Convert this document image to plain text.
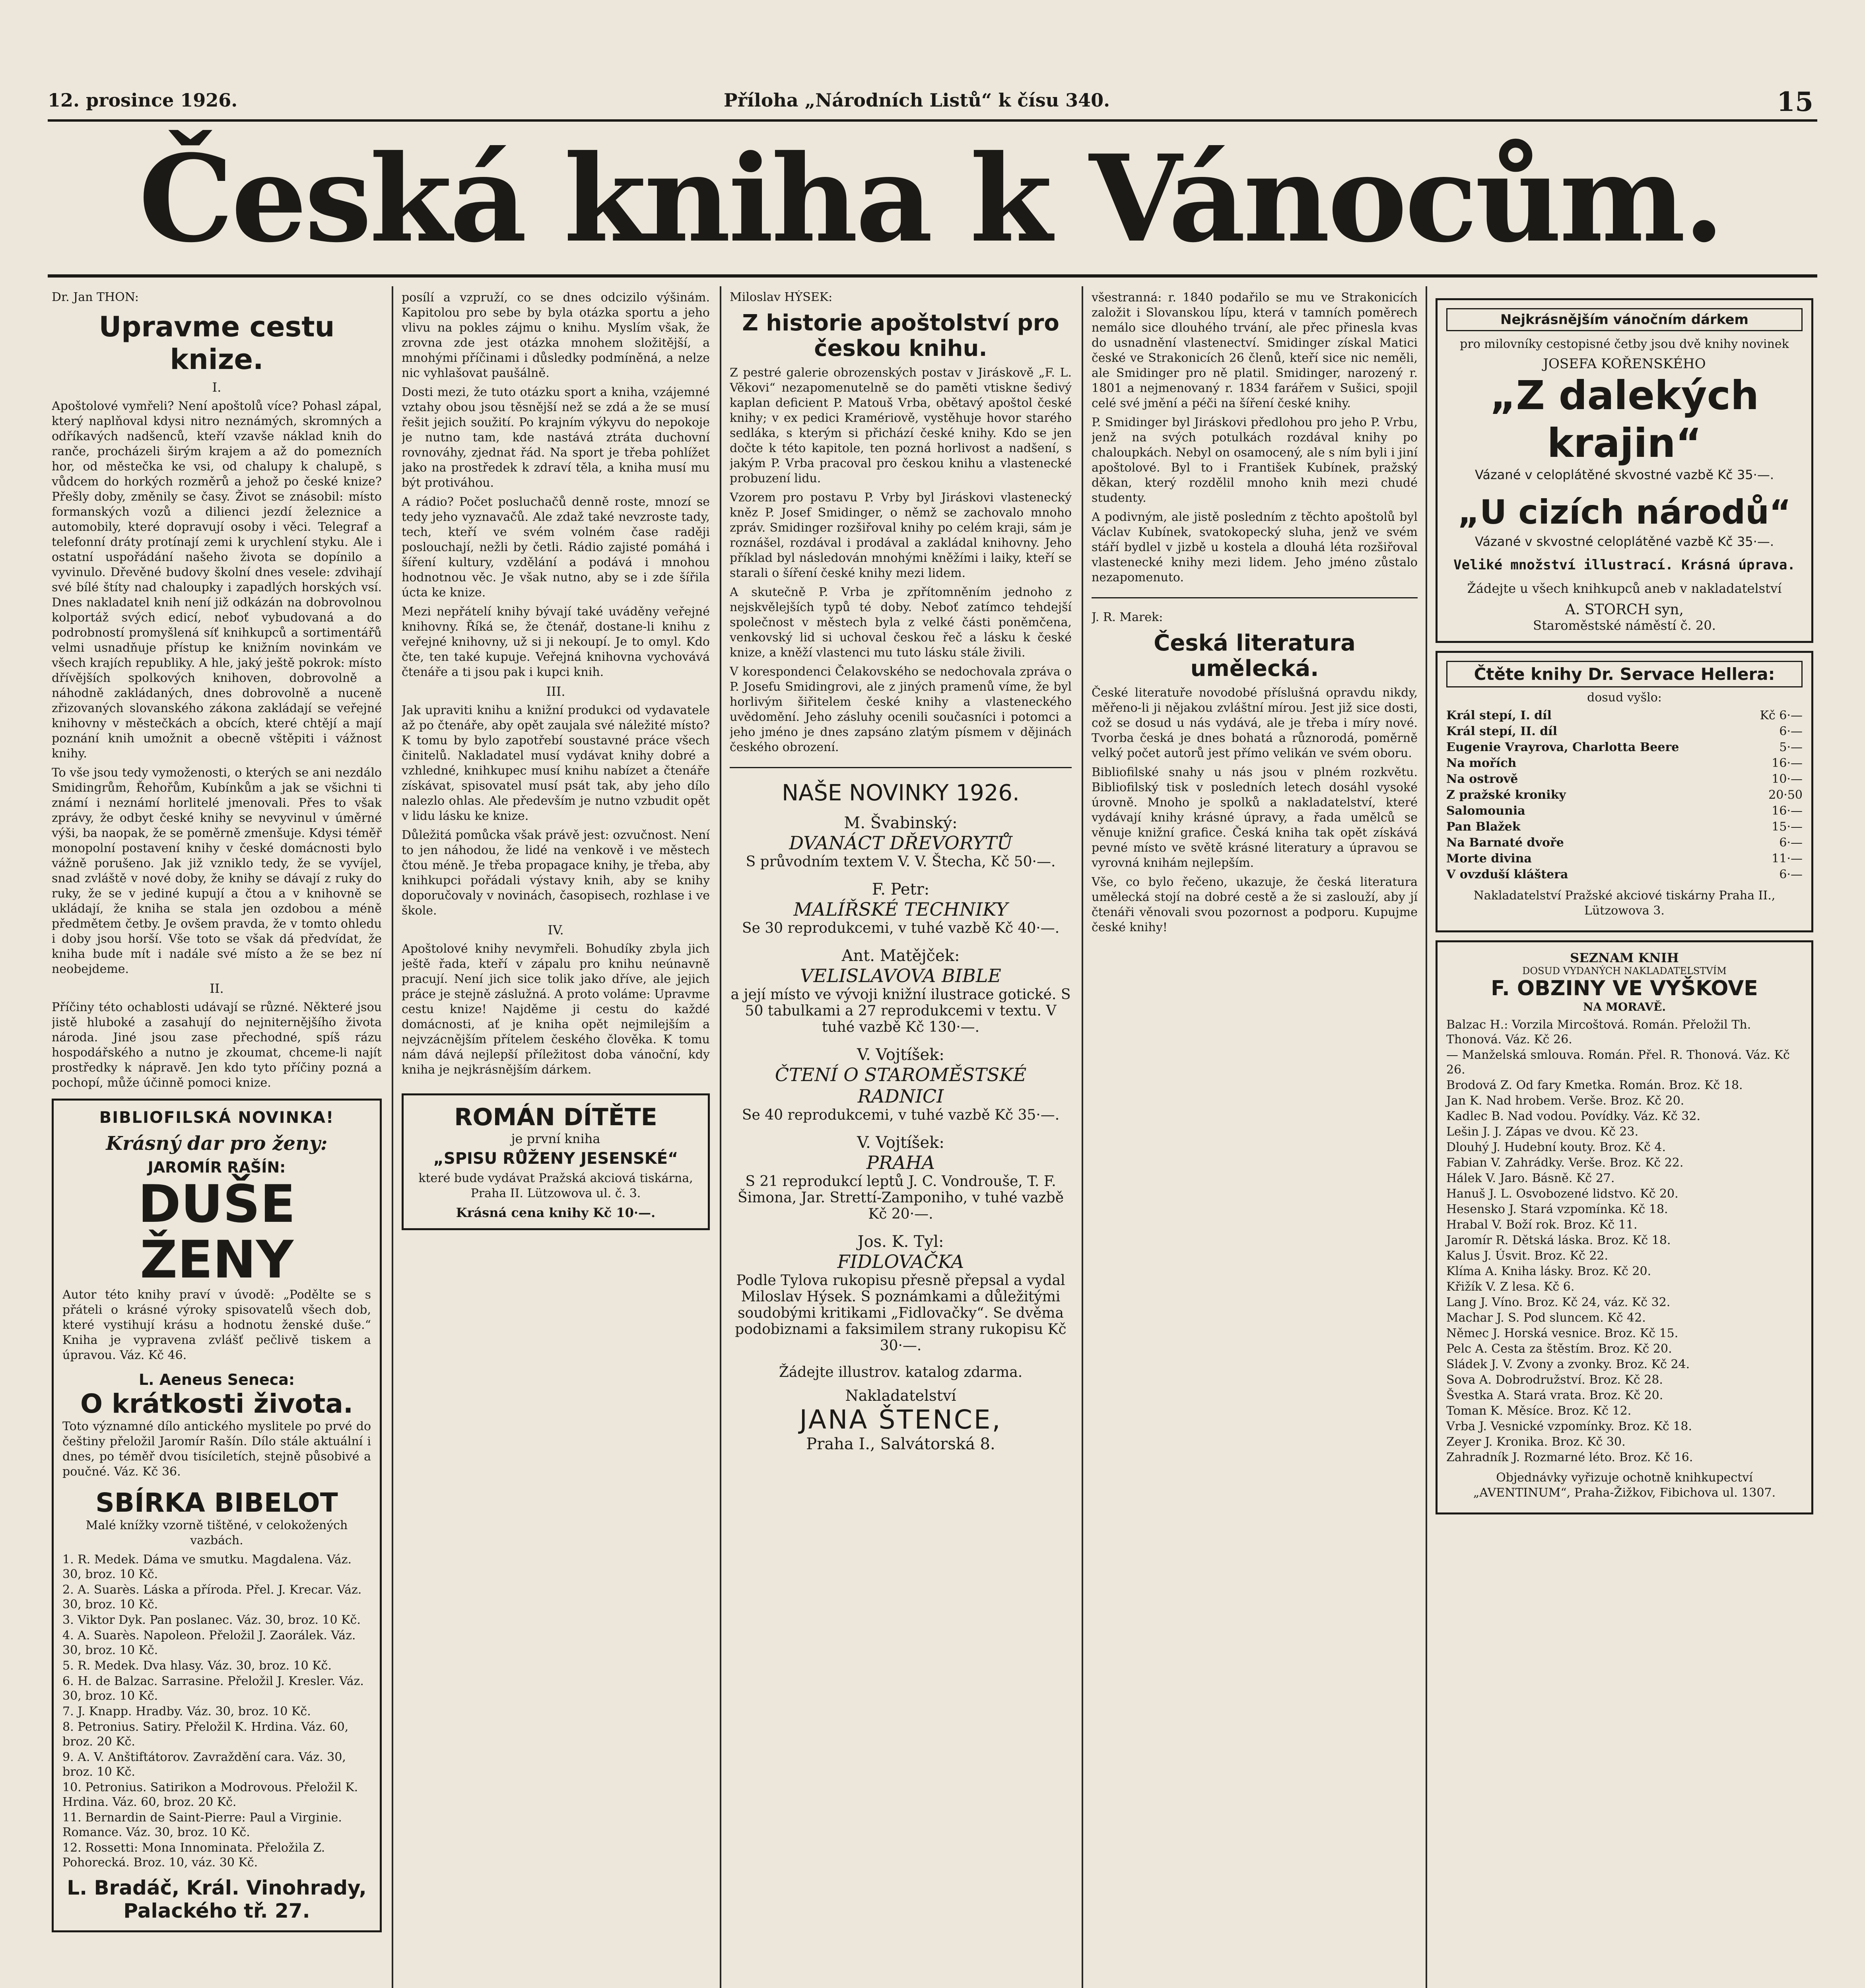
12. prosince 1926.	Příloha „Národních Listů“ k čísu 340.	15
Česká kniha k Vánocům.

Dr. Jan THON:

Upravme cestu knize.

I.

Apoštolové vymřeli? Není apoštolů více? Pohasl zápal, který naplňoval kdysi nitro neznámých, skromných a odříkavých nadšenců, kteří vzavše náklad knih do ranče, procházeli širým krajem a až do pomezních hor, od městečka ke vsi, od chalupy k chalupě, s vůdcem do horkých rozměrů a jehož po české knize? Přešly doby, změnily se časy. Život se znásobil: místo formanských vozů a dilienci jezdí železnice a automobily, které dopravují osoby i věci. Telegraf a telefonní dráty protínají zemi k urychlení styku. Ale i ostatní uspořádání našeho života se dopínilo a vyvinulo. Dřevěné budovy školní dnes vesele: zdvihají své bílé štíty nad chaloupky i zapadlých horských vsí. Dnes nakladatel knih není již odkázán na dobrovolnou kolportáž svých edicí, neboť vybudovaná a do podrobností promyšlená síť knihkupců a sortimentářů velmi usnadňuje přístup ke knižním novinkám ve všech krajích republiky. A hle, jaký ještě pokrok: místo dřívějších spolkových knihoven, dobrovolně a náhodně zakládaných, dnes dobrovolně a nuceně zřizovaných slovanského zákona zakládají se veřejné knihovny v městečkách a obcích, které chtějí a mají poznání knih umožnit a obecně vštěpiti i vážnost knihy.

To vše jsou tedy vymoženosti, o kterých se ani nezdálo Smidingrům, Řehořům, Kubínkům a jak se všichni ti známí i neznámí horlitelé jmenovali. Přes to však zprávy, že odbyt české knihy se nevyvinul v úměrné výši, ba naopak, že se poměrně zmenšuje. Kdysi téměř monopolní postavení knihy v české domácnosti bylo vážně porušeno. Jak již vzniklo tedy, že se vyvíjel, snad zvláště v nové doby, že knihy se dávají z ruky do ruky, že se v jediné kupují a čtou a v knihovně se ukládají, že kniha se stala jen ozdobou a méně předmětem četby. Je ovšem pravda, že v tomto ohledu i doby jsou horší. Vše toto se však dá předvídat, že kniha bude mít i nadále své místo a že se bez ní neobejdeme.

II.

Příčiny této ochablosti udávají se různé. Některé jsou jistě hluboké a zasahují do nejniternějšího života národa. Jiné jsou zase přechodné, spíš rázu hospodářského a nutno je zkoumat, chceme-li najít prostředky k nápravě. Jen kdo tyto příčiny pozná a pochopí, může účinně pomoci knize.

BIBLIOFILSKÁ NOVINKA!
Krásný dar pro ženy:
JAROMÍR RAŠÍN:
DUŠE ŽENY

Autor této knihy praví v úvodě: „Podělte se s přáteli o krásné výroky spisovatelů všech dob, které vystihují krásu a hodnotu ženské duše.“ Kniha je vypravena zvlášť pečlivě tiskem a úpravou. Váz. Kč 46.

L. Aeneus Seneca:
O krátkosti života.

Toto významné dílo antického myslitele po prvé do češtiny přeložil Jaromír Rašín. Dílo stále aktuální i dnes, po téměř dvou tisíciletích, stejně působivé a poučné. Váz. Kč 36.

SBÍRKA BIBELOT

Malé knížky vzorně tištěné, v celokožených vazbách.

1. R. Medek. Dáma ve smutku. Magdalena. Váz. 30, broz. 10 Kč.

2. A. Suarès. Láska a příroda. Přel. J. Krecar. Váz. 30, broz. 10 Kč.

3. Viktor Dyk. Pan poslanec. Váz. 30, broz. 10 Kč.

4. A. Suarès. Napoleon. Přeložil J. Zaorálek. Váz. 30, broz. 10 Kč.

5. R. Medek. Dva hlasy. Váz. 30, broz. 10 Kč.

6. H. de Balzac. Sarrasine. Přeložil J. Kresler. Váz. 30, broz. 10 Kč.

7. J. Knapp. Hradby. Váz. 30, broz. 10 Kč.

8. Petronius. Satiry. Přeložil K. Hrdina. Váz. 60, broz. 20 Kč.

9. A. V. Anštiftátorov. Zavraždění cara. Váz. 30, broz. 10 Kč.

10. Petronius. Satirikon a Modrovous. Přeložil K. Hrdina. Váz. 60, broz. 20 Kč.

11. Bernardin de Saint-Pierre: Paul a Virginie. Romance. Váz. 30, broz. 10 Kč.

12. Rossetti: Mona Innominata. Přeložila Z. Pohorecká. Broz. 10, váz. 30 Kč.

L. Bradáč, Král. Vinohrady, Palackého tř. 27.

posílí a vzpruží, co se dnes odcizilo výšinám. Kapitolou pro sebe by byla otázka sportu a jeho vlivu na pokles zájmu o knihu. Myslím však, že zrovna zde jest otázka mnohem složitější, a mnohými příčinami i důsledky podmíněná, a nelze nic vyhlašovat paušálně.

Dosti mezi, že tuto otázku sport a kniha, vzájemné vztahy obou jsou těsnější než se zdá a že se musí řešit jejich soužití. Po krajním výkyvu do nepokoje je nutno tam, kde nastává ztráta duchovní rovnováhy, zjednat řád. Na sport je třeba pohlížet jako na prostředek k zdraví těla, a kniha musí mu být protiváhou.

A rádio? Počet posluchačů denně roste, mnozí se tedy jeho vyznavačů. Ale zdaž také nevzroste tady, tech, kteří ve svém volném čase raději poslouchají, nežli by četli. Rádio zajisté pomáhá i šíření kultury, vzdělání a podává i mnohou hodnotnou věc. Je však nutno, aby se i zde šířila úcta ke knize.

Mezi nepřátelí knihy bývají také uváděny veřejné knihovny. Říká se, že čtenář, dostane-li knihu z veřejné knihovny, už si ji nekoupí. Je to omyl. Kdo čte, ten také kupuje. Veřejná knihovna vychovává čtenáře a ti jsou pak i kupci knih.

III.

Jak upraviti knihu a knižní produkci od vydavatele až po čtenáře, aby opět zaujala své náležité místo? K tomu by bylo zapotřebí soustavné práce všech činitelů. Nakladatel musí vydávat knihy dobré a vzhledné, knihkupec musí knihu nabízet a čtenáře získávat, spisovatel musí psát tak, aby jeho dílo nalezlo ohlas. Ale především je nutno vzbudit opět v lidu lásku ke knize.

Důležitá pomůcka však právě jest: ozvučnost. Není to jen náhodou, že lidé na venkově i ve městech čtou méně. Je třeba propagace knihy, je třeba, aby knihkupci pořádali výstavy knih, aby se knihy doporučovaly v novinách, časopisech, rozhlase i ve škole.

IV.

Apoštolové knihy nevymřeli. Bohudíky zbyla jich ještě řada, kteří v zápalu pro knihu neúnavně pracují. Není jich sice tolik jako dříve, ale jejich práce je stejně záslužná. A proto voláme: Upravme cestu knize! Najděme ji cestu do každé domácnosti, ať je kniha opět nejmilejším a nejvzácnějším přítelem českého člověka. K tomu nám dává nejlepší příležitost doba vánoční, kdy kniha je nejkrásnějším dárkem.

ROMÁN DÍTĚTE
je první kniha
„SPISU RŮŽENY JESENSKÉ“

které bude vydávat Pražská akciová tiskárna, Praha II. Lützowova ul. č. 3.

Krásná cena knihy Kč 10·—.

Miloslav HÝSEK:

Z historie apoštolství pro českou knihu.

Z pestré galerie obrozenských postav v Jiráskově „F. L. Věkovi“ nezapomenutelně se do paměti vtiskne šedivý kaplan deficient P. Matouš Vrba, obětavý apoštol české knihy; v ex pedici Kramériově, vystěhuje hovor starého sedláka, s kterým si přichází české knihy. Kdo se jen dočte k této kapitole, ten pozná horlivost a nadšení, s jakým P. Vrba pracoval pro českou knihu a vlastenecké probuzení lidu.

Vzorem pro postavu P. Vrby byl Jiráskovi vlastenecký kněz P. Josef Smidinger, o němž se zachovalo mnoho zpráv. Smidinger rozšiřoval knihy po celém kraji, sám je roznášel, rozdával i prodával a zakládal knihovny. Jeho příklad byl následován mnohými kněžími i laiky, kteří se starali o šíření české knihy mezi lidem.

A skutečně P. Vrba je zpřítomněním jednoho z nejskvělejších typů té doby. Neboť zatímco tehdejší společnost v městech byla z velké části poněmčena, venkovský lid si uchoval českou řeč a lásku k české knize, a kněží vlastenci mu tuto lásku stále živili.

V korespondenci Čelakovského se nedochovala zpráva o P. Josefu Smidingrovi, ale z jiných pramenů víme, že byl horlivým šiřitelem české knihy a vlasteneckého uvědomění. Jeho zásluhy ocenili současníci i potomci a jeho jméno je dnes zapsáno zlatým písmem v dějinách českého obrození.

NAŠE NOVINKY 1926.
M. Švabinský:
DVANÁCT DŘEVORYTŮ
S průvodním textem V. V. Štecha, Kč 50·—.
F. Petr:
MALÍŘSKÉ TECHNIKY
Se 30 reprodukcemi, v tuhé vazbě Kč 40·—.
Ant. Matějček:
VELISLAVOVA BIBLE
a její místo ve vývoji knižní ilustrace gotické. S 50 tabulkami a 27 reprodukcemi v textu. V tuhé vazbě Kč 130·—.
V. Vojtíšek:
ČTENÍ O STAROMĚSTSKÉ RADNICI
Se 40 reprodukcemi, v tuhé vazbě Kč 35·—.
V. Vojtíšek:
PRAHA
S 21 reprodukcí leptů J. C. Vondrouše, T. F. Šimona, Jar. Strettí-Zamponiho, v tuhé vazbě Kč 20·—.
Jos. K. Tyl:
FIDLOVAČKA
Podle Tylova rukopisu přesně přepsal a vydal Miloslav Hýsek. S poznámkami a důležitými soudobými kritikami „Fidlovačky“. Se dvěma podobiznami a faksimilem strany rukopisu Kč 30·—.
Žádejte illustrov. katalog zdarma.
Nakladatelství
JANA ŠTENCE,
Praha I., Salvátorská 8.

všestranná: r. 1840 podařilo se mu ve Strakonicích založit i Slovanskou lípu, která v tamních poměrech nemálo sice dlouhého trvání, ale přec přinesla kvas do usnadnění vlastenectví. Smidinger získal Matici české ve Strakonicích 26 členů, kteří sice nic neměli, ale Smidinger pro ně platil. Smidinger, narozený r. 1801 a nejmenovaný r. 1834 farářem v Sušici, spojil celé své jmění a péči na šíření české knihy.

P. Smidinger byl Jiráskovi předlohou pro jeho P. Vrbu, jenž na svých potulkách rozdával knihy po chaloupkách. Nebyl on osamocený, ale s ním byli i jiní apoštolové. Byl to i František Kubínek, pražský děkan, který rozdělil mnoho knih mezi chudé studenty.

A podivným, ale jistě posledním z těchto apoštolů byl Václav Kubínek, svatokopecký sluha, jenž ve svém stáří bydlel v jizbě u kostela a dlouhá léta rozšiřoval vlastenecké knihy mezi lidem. Jeho jméno zůstalo nezapomenuto.

J. R. Marek:

Česká literatura umělecká.

České literatuře novodobé příslušná opravdu nikdy, měřeno-li ji nějakou zvláštní mírou. Jest již sice dosti, což se dosud u nás vydává, ale je třeba i míry nové. Tvorba česká je dnes bohatá a různorodá, poměrně velký počet autorů jest přímo velikán ve svém oboru.

Bibliofilské snahy u nás jsou v plném rozkvětu. Bibliofilský tisk v posledních letech dosáhl vysoké úrovně. Mnoho je spolků a nakladatelství, které vydávají knihy krásné úpravy, a řada umělců se věnuje knižní grafice. Česká kniha tak opět získává pevné místo ve světě krásné literatury a úpravou se vyrovná knihám nejlepším.

Vše, co bylo řečeno, ukazuje, že česká literatura umělecká stojí na dobré cestě a že si zaslouží, aby jí čtenáři věnovali svou pozornost a podporu. Kupujme české knihy!

Nejkrásnějším vánočním dárkem

pro milovníky cestopisné četby jsou dvě knihy novinek

JOSEFA KOŘENSKÉHO
„Z dalekých krajin“
Vázané v celoplátěné skvostné vazbě Kč 35·—.
„U cizích národů“
Vázané v skvostné celoplátěné vazbě Kč 35·—.
Veliké množství illustrací. Krásná úprava.
Žádejte u všech knihkupců aneb v nakladatelství
A. STORCH syn,
Staroměstské náměstí č. 20.
Čtěte knihy Dr. Servace Hellera:
dosud vyšlo:
Král stepí, I. díl	Kč 6·—
Král stepí, II. díl	6·—
Eugenie Vrayrova, Charlotta Beere	5·—
Na mořích	16·—
Na ostrově	10·—
Z pražské kroniky	20·50
Salomounia	16·—
Pan Blažek	15·—
Na Barnaté dvoře	6·—
Morte divina	11·—
V ovzduší kláštera	6·—

Nakladatelství Pražské akciové tiskárny Praha II., Lützowova 3.

SEZNAM KNIH
DOSUD VYDANÝCH NAKLADATELSTVÍM
F. OBZINY VE VYŠKOVE
NA MORAVĚ.

Balzac H.: Vorzila Mircoštová. Román. Přeložil Th. Thonová. Váz. Kč 26.

— Manželská smlouva. Román. Přel. R. Thonová. Váz. Kč 26.

Brodová Z. Od fary Kmetka. Román. Broz. Kč 18.

Jan K. Nad hrobem. Verše. Broz. Kč 20.

Kadlec B. Nad vodou. Povídky. Váz. Kč 32.

Lešin J. J. Zápas ve dvou. Kč 23.

Dlouhý J. Hudební kouty. Broz. Kč 4.

Fabian V. Zahrádky. Verše. Broz. Kč 22.

Hálek V. Jaro. Básně. Kč 27.

Hanuš J. L. Osvobozené lidstvo. Kč 20.

Hesensko J. Stará vzpomínka. Kč 18.

Hrabal V. Boží rok. Broz. Kč 11.

Jaromír R. Dětská láska. Broz. Kč 18.

Kalus J. Úsvit. Broz. Kč 22.

Klíma A. Kniha lásky. Broz. Kč 20.

Křižík V. Z lesa. Kč 6.

Lang J. Víno. Broz. Kč 24, váz. Kč 32.

Machar J. S. Pod sluncem. Kč 42.

Němec J. Horská vesnice. Broz. Kč 15.

Pelc A. Cesta za štěstím. Broz. Kč 20.

Sládek J. V. Zvony a zvonky. Broz. Kč 24.

Sova A. Dobrodružství. Broz. Kč 28.

Švestka A. Stará vrata. Broz. Kč 20.

Toman K. Měsíce. Broz. Kč 12.

Vrba J. Vesnické vzpomínky. Broz. Kč 18.

Zeyer J. Kronika. Broz. Kč 30.

Zahradník J. Rozmarné léto. Broz. Kč 16.

Objednávky vyřizuje ochotně knihkupectví „AVENTINUM“, Praha-Žižkov, Fibichova ul. 1307.
